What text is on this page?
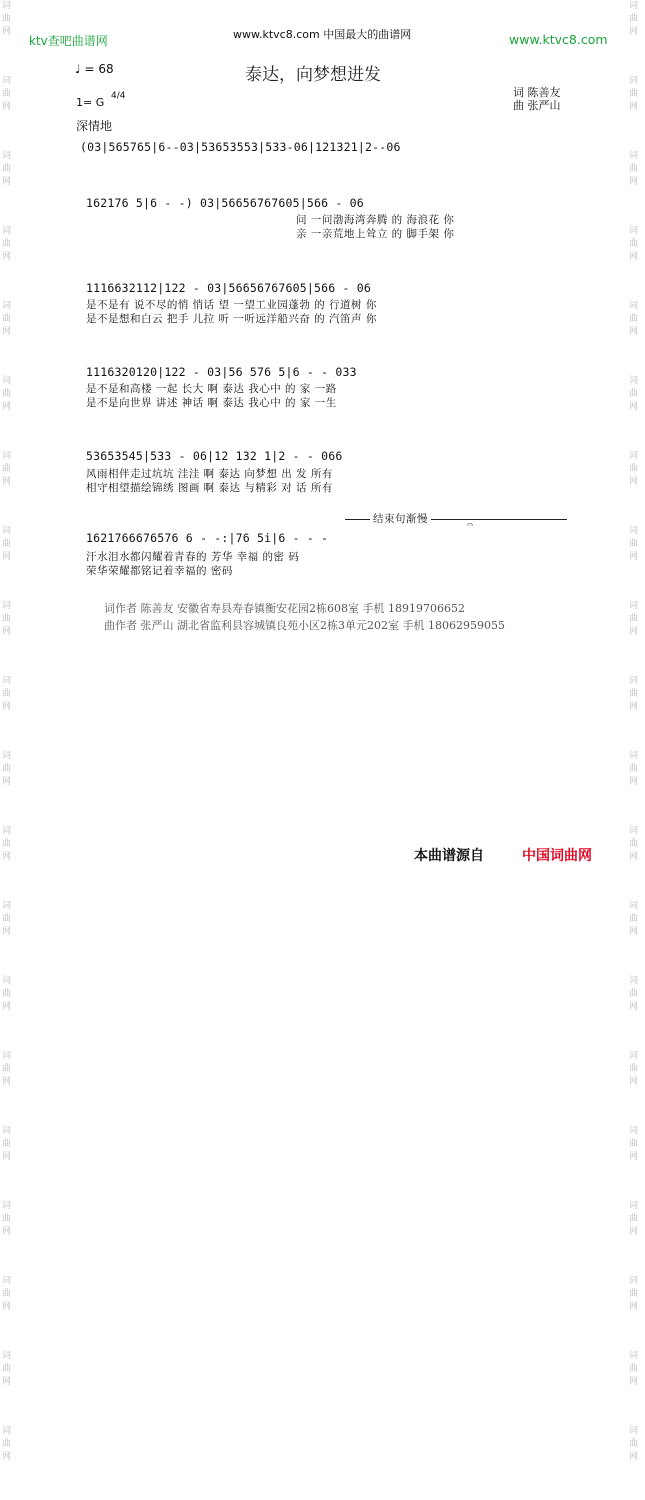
词
曲
网
词
曲
网
词
曲
网
词
曲
网
词
曲
网
词
曲
网
词
曲
网
词
曲
网
词
曲
网
词
曲
网
词
曲
网
词
曲
网
词
曲
网
词
曲
网
词
曲
网
词
曲
网
词
曲
网
词
曲
网
词
曲
网
词
曲
网
词
曲
网
词
曲
网
词
曲
网
词
曲
网
词
曲
网
词
曲
网
词
曲
网
词
曲
网
词
曲
网
词
曲
网
词
曲
网
词
曲
网
词
曲
网
词
曲
网
词
曲
网
词
曲
网
词
曲
网
词
曲
网
词
曲
网
词
曲
网
ktv查吧曲谱网	www.ktvc8.com 中国最大的曲谱网	www.ktvc8.com
♩ = 68	泰达，向梦想进发
词 陈善友
曲 张严山
1= G 4/4
深情地
(03|565765|6--03|53653553|533-06|121321|2--06
162176 5|6 - -) 03|56656767605|566 - 06
问 一问渤海湾奔腾 的 海浪花 你
亲 一亲荒地上耸立 的 脚手架 你
1116632112|122 - 03|56656767605|566 - 06
是不是有 说不尽的悄 悄话 望 一望工业园蓬勃 的 行道树 你
是不是想和白云 把手 儿拉 听 一听远洋船兴奋 的 汽笛声 你
1116320120|122 - 03|56 576 5|6 - - 033
是不是和高楼 一起 长大 啊 泰达 我心中 的 家 一路
是不是向世界 讲述 神话 啊 泰达 我心中 的 家 一生
53653545|533 - 06|12 132 1|2 - - 066
风雨相伴走过坑坑 洼洼 啊 泰达 向梦想 出 发 所有
相守相望描绘锦绣 图画 啊 泰达 与精彩 对 话 所有
结束句渐慢	𝄐
1621766676576 6 - -:|76 5i|6 - - -
汗水泪水都闪耀着青春的 芳华 幸福 的密 码
荣华荣耀都铭记着幸福的 密码
词作者 陈善友 安徽省寿县寿春镇衡安花园2栋608室 手机 18919706652
曲作者 张严山 湖北省监利县容城镇良苑小区2栋3单元202室 手机 18062959055
本曲谱源自	中国词曲网
